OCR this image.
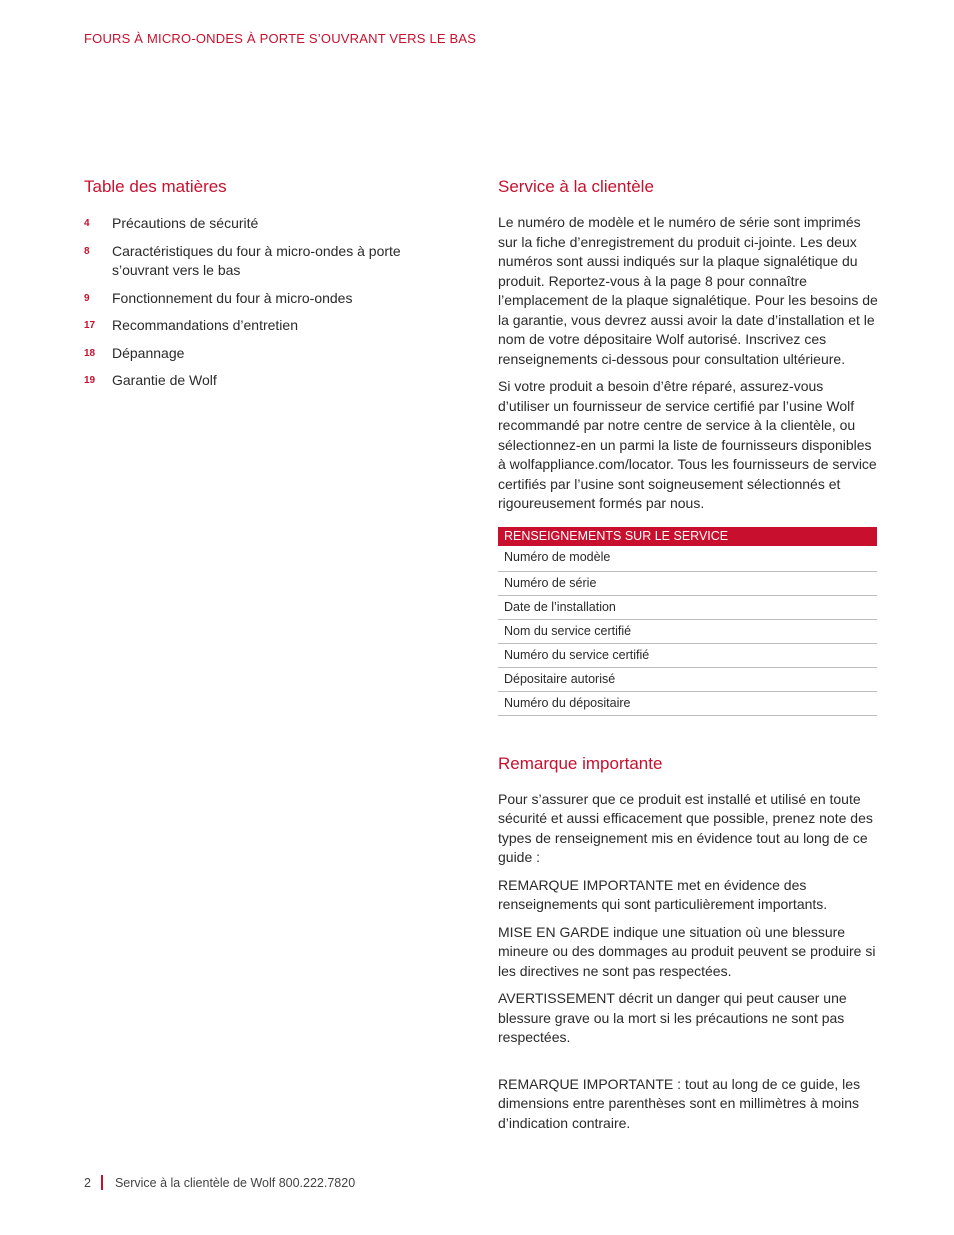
FOURS À MICRO-ONDES À PORTE S’OUVRANT VERS LE BAS
Table des matières
4	Précautions de sécurité
8	Caractéristiques du four à micro-ondes à porte s’ouvrant vers le bas
9	Fonctionnement du four à micro-ondes
17	Recommandations d’entretien
18	Dépannage
19	Garantie de Wolf
Service à la clientèle

Le numéro de modèle et le numéro de série sont imprimés sur la fiche d’enregistrement du produit ci-jointe. Les deux numéros sont aussi indiqués sur la plaque signalétique du produit. Reportez-vous à la page 8 pour connaître l’emplacement de la plaque signalétique. Pour les besoins de la garantie, vous devrez aussi avoir la date d’installation et le nom de votre dépositaire Wolf autorisé. Inscrivez ces renseignements ci-dessous pour consultation ultérieure.

Si votre produit a besoin d’être réparé, assurez-vous d’utiliser un fournisseur de service certifié par l’usine Wolf recommandé par notre centre de service à la clientèle, ou sélectionnez-en un parmi la liste de fournisseurs disponibles à wolfappliance.com/locator. Tous les fournisseurs de service certifiés par l’usine sont soigneusement sélectionnés et rigoureusement formés par nous.

RENSEIGNEMENTS SUR LE SERVICE
Numéro de modèle
Numéro de série
Date de l’installation
Nom du service certifié
Numéro du service certifié
Dépositaire autorisé
Numéro du dépositaire
Remarque importante

Pour s’assurer que ce produit est installé et utilisé en toute sécurité et aussi efficacement que possible, prenez note des types de renseignement mis en évidence tout au long de ce guide :

REMARQUE IMPORTANTE met en évidence des renseignements qui sont particulièrement importants.

MISE EN GARDE indique une situation où une blessure mineure ou des dommages au produit peuvent se produire si les directives ne sont pas respectées.

AVERTISSEMENT décrit un danger qui peut causer une blessure grave ou la mort si les précautions ne sont pas respectées.

REMARQUE IMPORTANTE : tout au long de ce guide, les dimensions entre parenthèses sont en millimètres à moins d’indication contraire.

2 Service à la clientèle de Wolf 800.222.7820
